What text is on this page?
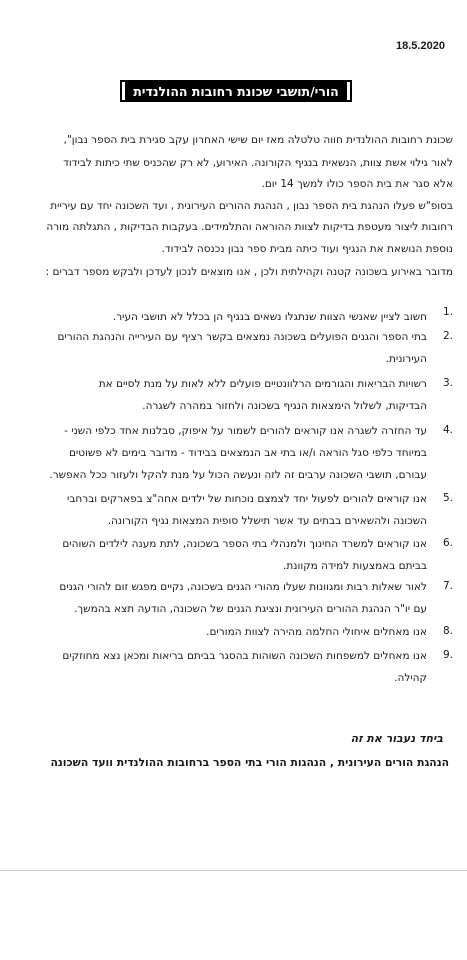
18.5.2020
הורי/תושבי שכונת רחובות ההולנדית
שכונת רחובות ההולנדית חווה טלטלה מאז יום שישי האחרון עקב סגירת בית הספר נבון",
לאור גילוי אשת צוות, הנשאית בנגיף הקורונה. האירוע, לא רק שהכניס שתי כיתות לבידוד
אלא סגר את בית הספר כולו למשך 14 יום.
בסופ"ש פעלו הנהגת בית הספר נבון , הנהגת ההורים העירונית , ועד השכונה יחד עם עיריית
רחובות ליצור מעטפת בדיקות לצוות ההוראה והתלמידים. בעקבות הבדיקות , התגלתה מורה
נוספת הנושאת את הנגיף ועוד כיתה מבית ספר נבון נכנסה לבידוד.
מדובר באירוע בשכונה קטנה וקהילתית ולכן , אנו מוצאים לנכון לעדכן ולבקש מספר דברים :
1.
חשוב לציין שאנשי הצוות שנתגלו נשאים בנגיף הן בכלל לא תושבי העיר.
2.
בתי הספר והגנים הפועלים בשכונה נמצאים בקשר רציף עם העירייה והנהגת ההורים
העירונית.
3.
רשויות הבריאות והגורמים הרלוונטיים פועלים ללא לאות על מנת לסיים את
הבדיקות, לשלול הימצאות הנגיף בשכונה ולחזור במהרה לשגרה.
4.
עד החזרה לשגרה אנו קוראים להורים לשמור על איפוק, סבלנות אחד כלפי השני -
במיוחד כלפי סגל הוראה ו/או בתי אב הנמצאים בבידוד - מדובר בימים לא פשוטים
עבורם, תושבי השכונה ערבים זה לזה ונעשה הכול על מנת להקל ולעזור ככל האפשר.
5.
אנו קוראים להורים לפעול יחד לצמצם נוכחות של ילדים אחה"צ בפארקים וברחבי
השכונה ולהשאירם בבתים עד אשר תישלל סופית המצאות נגיף הקורונה.
6.
אנו קוראים למשרד החינוך ולמנהלי בתי הספר בשכונה, לתת מענה לילדים השוהים
בביתם באמצעות למידה מקוונת.
7.
לאור שאלות רבות ומגוונות שעלו מהורי הגנים בשכונה, נקיים מפגש זום להורי הגנים
עם יו"ר הנהגת ההורים העירונית ונציגת הגנים של השכונה, הודעה תצא בהמשך.
8.
אנו מאחלים איחולי החלמה מהירה לצוות המורים.
9.
אנו מאחלים למשפחות השכונה השוהות בהסגר בביתם בריאות ומכאן נצא מחוזקים
קהילה.
ביחד נעבור את זה
הנהגת הורים העירונית , הנהגות הורי בתי הספר ברחובות ההולנדית וועד השכונה
